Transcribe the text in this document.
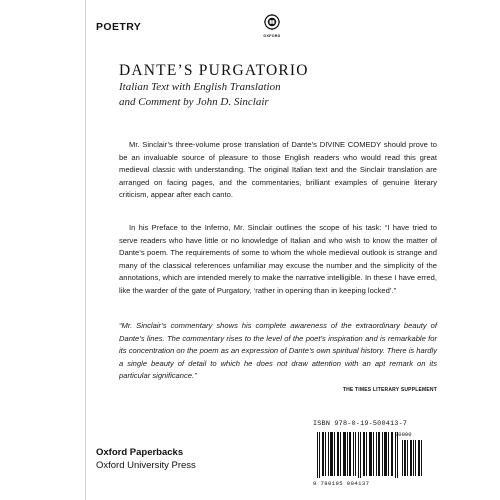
POETRY
OXFORD
DANTE’S PURGATORIO
Italian Text with English Translation
and Comment by John D. Sinclair

Mr. Sinclair’s three-volume prose translation of Dante’s DIVINE COMEDY should prove to be an invaluable source of pleasure to those English readers who would read this great medieval classic with understanding. The original Italian text and the Sinclair translation are arranged on facing pages, and the commentaries, brilliant examples of genuine literary criticism, appear after each canto.

In his Preface to the Inferno, Mr. Sinclair outlines the scope of his task: “I have tried to serve readers who have little or no knowledge of Italian and who wish to know the matter of Dante’s poem. The requirements of some to whom the whole medieval outlook is strange and many of the classical references unfamiliar may excuse the number and the simplicity of the annotations, which are intended merely to make the narrative intelligible. In these I have erred, like the warder of the gate of Purgatory, ‘rather in opening than in keeping locked’.”

“Mr. Sinclair’s commentary shows his complete awareness of the extraordinary beauty of Dante’s lines. The commentary rises to the level of the poet’s inspiration and is remarkable for its concentration on the poem as an expression of Dante’s own spiritual history. There is hardly a single beauty of detail to which he does not draw attention with an apt remark on its particular significance.”

THE TIMES LITERARY SUPPLEMENT
ISBN 978-0-19-500413-7
90000
9 780195 004137
Oxford Paperbacks
Oxford University Press
